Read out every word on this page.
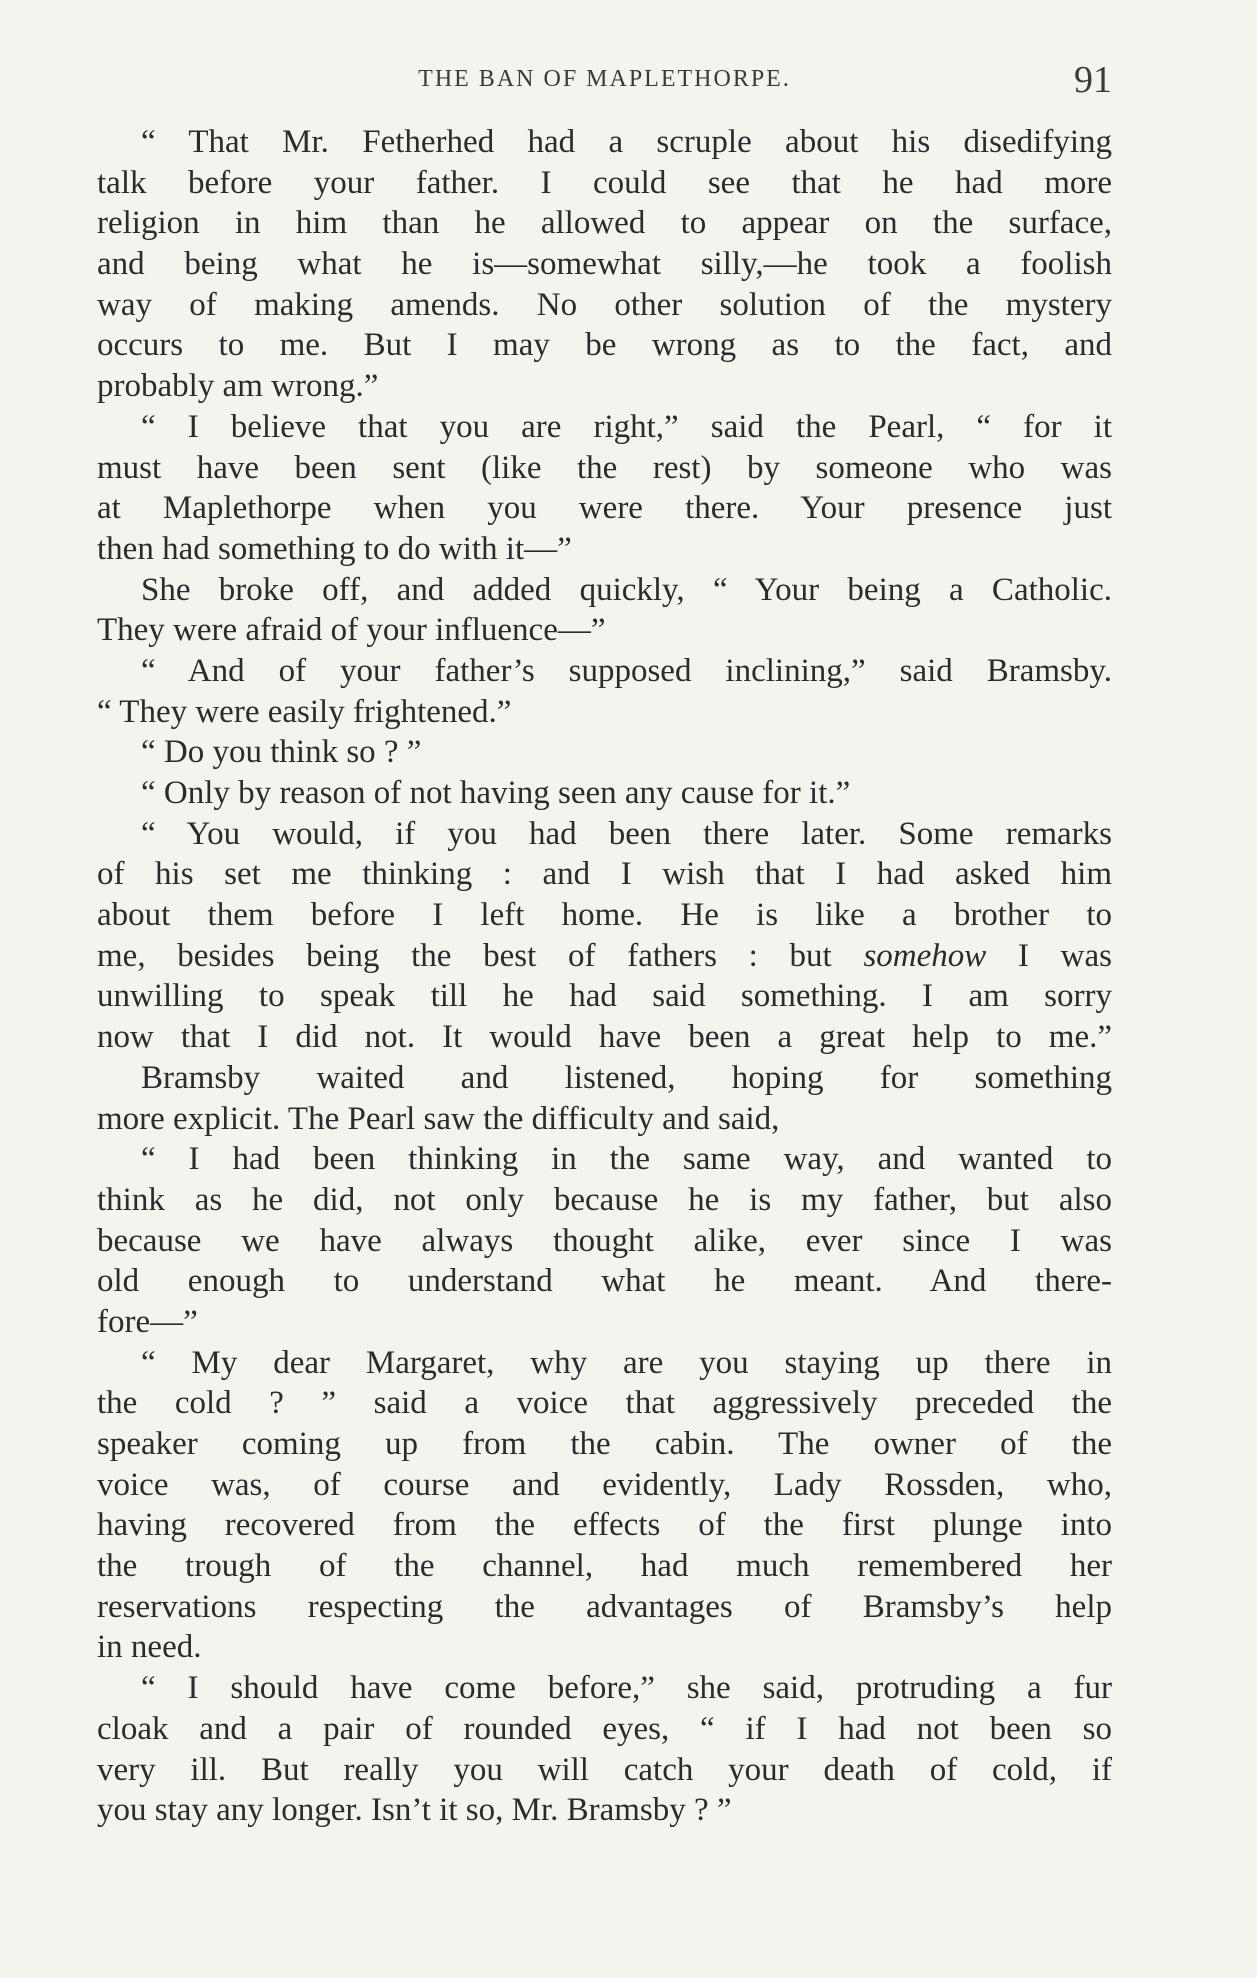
THE BAN OF MAPLETHORPE.	91
“ That Mr. Fetherhed had a scruple about his disedifying
talk before your father. I could see that he had more
religion in him than he allowed to appear on the surface,
and being what he is—somewhat silly,—he took a foolish
way of making amends. No other solution of the mystery
occurs to me. But I may be wrong as to the fact, and
probably am wrong.”
“ I believe that you are right,” said the Pearl, “ for it
must have been sent (like the rest) by someone who was
at Maplethorpe when you were there. Your presence just
then had something to do with it—”
She broke off, and added quickly, “ Your being a Catholic.
They were afraid of your influence—”
“ And of your father’s supposed inclining,” said Bramsby.
“ They were easily frightened.”
“ Do you think so ? ”
“ Only by reason of not having seen any cause for it.”
“ You would, if you had been there later. Some remarks
of his set me thinking : and I wish that I had asked him
about them before I left home. He is like a brother to
me, besides being the best of fathers : but somehow I was
unwilling to speak till he had said something. I am sorry
now that I did not. It would have been a great help to me.”
Bramsby waited and listened, hoping for something
more explicit. The Pearl saw the difficulty and said,
“ I had been thinking in the same way, and wanted to
think as he did, not only because he is my father, but also
because we have always thought alike, ever since I was
old enough to understand what he meant. And there-
fore—”
“ My dear Margaret, why are you staying up there in
the cold ? ” said a voice that aggressively preceded the
speaker coming up from the cabin. The owner of the
voice was, of course and evidently, Lady Rossden, who,
having recovered from the effects of the first plunge into
the trough of the channel, had much remembered her
reservations respecting the advantages of Bramsby’s help
in need.
“ I should have come before,” she said, protruding a fur
cloak and a pair of rounded eyes, “ if I had not been so
very ill. But really you will catch your death of cold, if
you stay any longer. Isn’t it so, Mr. Bramsby ? ”
